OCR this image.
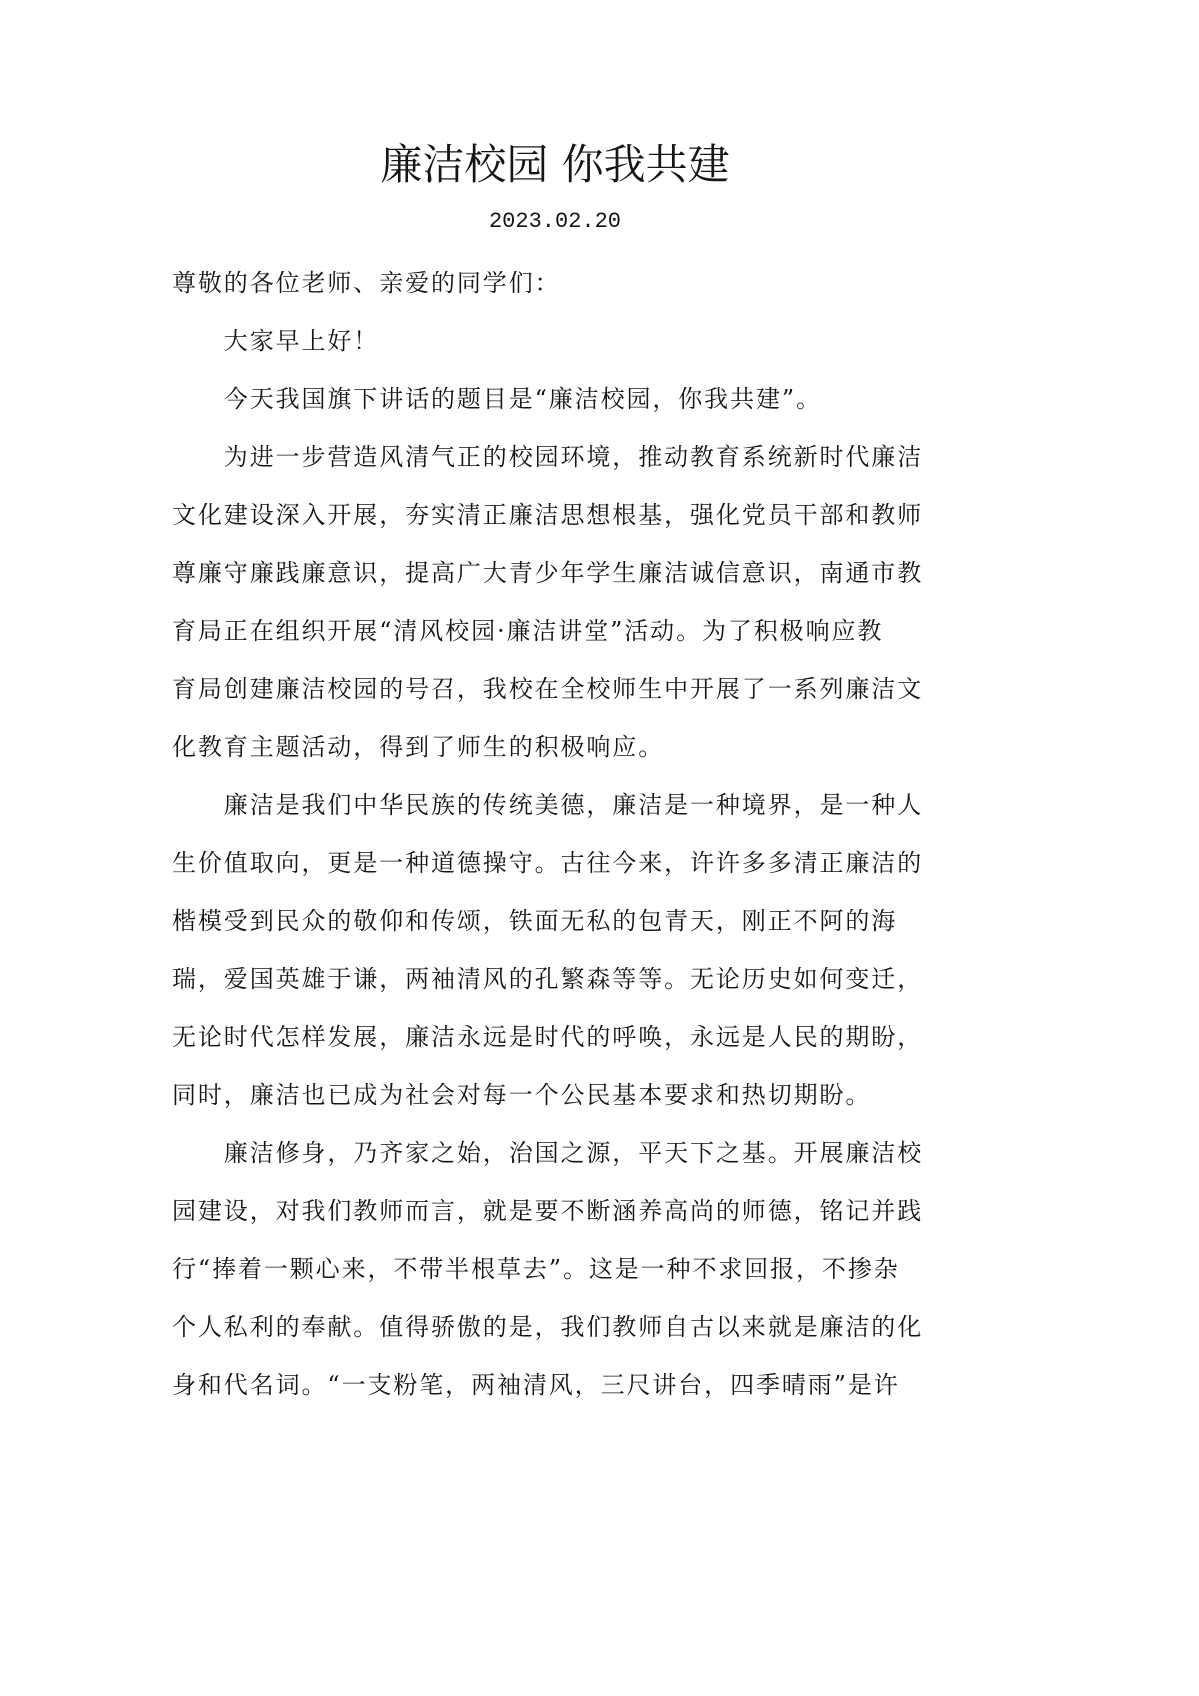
廉洁校园 你我共建
2023.02.20
尊敬的各位老师、亲爱的同学们：
大家早上好！
今天我国旗下讲话的题目是“廉洁校园，你我共建”。
为进一步营造风清气正的校园环境，推动教育系统新时代廉洁
文化建设深入开展，夯实清正廉洁思想根基，强化党员干部和教师
尊廉守廉践廉意识，提高广大青少年学生廉洁诚信意识，南通市教
育局正在组织开展“清风校园·廉洁讲堂”活动。为了积极响应教
育局创建廉洁校园的号召，我校在全校师生中开展了一系列廉洁文
化教育主题活动，得到了师生的积极响应。
廉洁是我们中华民族的传统美德，廉洁是一种境界，是一种人
生价值取向，更是一种道德操守。古往今来，许许多多清正廉洁的
楷模受到民众的敬仰和传颂，铁面无私的包青天，刚正不阿的海
瑞，爱国英雄于谦，两袖清风的孔繁森等等。无论历史如何变迁，
无论时代怎样发展，廉洁永远是时代的呼唤，永远是人民的期盼，
同时，廉洁也已成为社会对每一个公民基本要求和热切期盼。
廉洁修身，乃齐家之始，治国之源，平天下之基。开展廉洁校
园建设，对我们教师而言，就是要不断涵养高尚的师德，铭记并践
行“捧着一颗心来，不带半根草去”。这是一种不求回报，不掺杂
个人私利的奉献。值得骄傲的是，我们教师自古以来就是廉洁的化
身和代名词。“一支粉笔，两袖清风，三尺讲台，四季晴雨”是许
